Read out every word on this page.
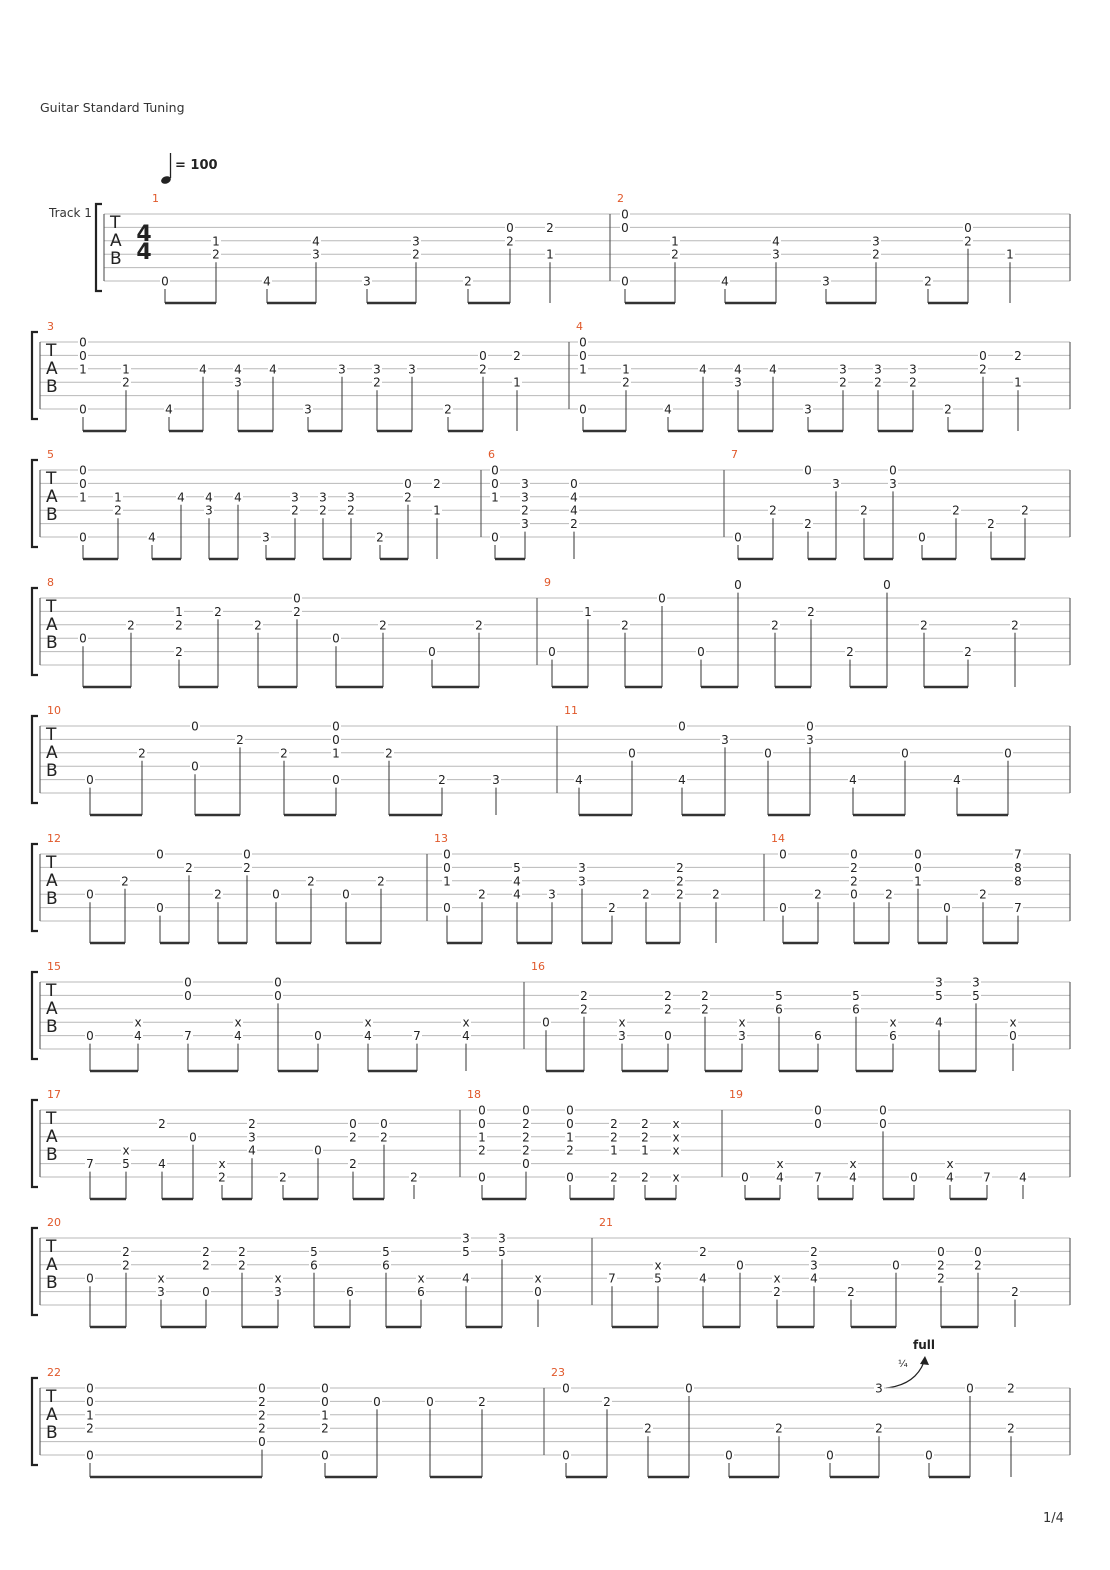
Guitar Standard Tuning
= 100
Track 1
full
¼
T
A
B
1
0
1
2
4
4
3
3
3
2
2
0
2
2
1
2
0
0
0
1
2
4
4
3
3
3
2
2
0
2
1
4
4
T
A
B
3
0
0
1
0
1
2
4
4 4
3
4
3
3 3
2
3
2
0
2
2
1
4
0
0
1
0
1
2
4
4 4
3
4
3
3
2
3
2
3
2
2
0
2
2
1
T
A
B
5
0
0
1
0
1
2
4
4 4
3
4
3
3
2
3
2
3
2
2
0
2
2
1
6
0
0
1
0
3
3
2
3
0
4
4
2
7
0
2
0
2
3
2
0
3
0
2
2
2
T
A
B
8
0
2
1
2
2
2
2
0
2
0
2
0
2
9
0
1
2
0
0
0
2
2
2
0
2
2
2
T
A
B
10
0
2
0
0
2
2
0
0
1
0
2
2	3
11
4
0
0
4
3
0
0
3
4
0
4
0
T
A
B
12
0
2
0
0
2
2
0
2
0
2
0
2
13
0
0
1
0
2
5
4
4 3
3
3
2
2
2
2
2 2
14
0
0
2
0
2
2
0 2
0
0
1
0
2
7
8
8
7
T
A
B
15
0
x
4
0
0
7
x
4
0
0
0
x
4	7
x
4
16
0
2
2
x
3
2
2
0
2
2
x
3
5
6
6
5
6
x
6
3
5
4
3
5
x
0
T
A
B
17
7
x
5
2
4
0
x
2
2
3
4
2
0
0
2
2
0
2
2
18
0
0
1
2
0
0
2
2
2
0
0
0
1
2
0
2
2
1
2
2
2
1
2
x
x
x
x
19
0
x
4
0
0
7
x
4
0
0
0
x
4 7 4
T
A
B
20
0
2
2
x
3
2
2
0
2
2
x
3
5
6
6
5
6
x
6
3
5
4
3
5
x
0
21
7
x
5
2
4
0
x
2
2
3
4
2
0
0
2
2
0
2
2
T
A
B
22
0
0
1
2
0
0
2
2
2
0
0
0
1
2
0
0	0	2
23
0
0
2
2
0
0
2
0
3
2
0
0	2
2
1/4
